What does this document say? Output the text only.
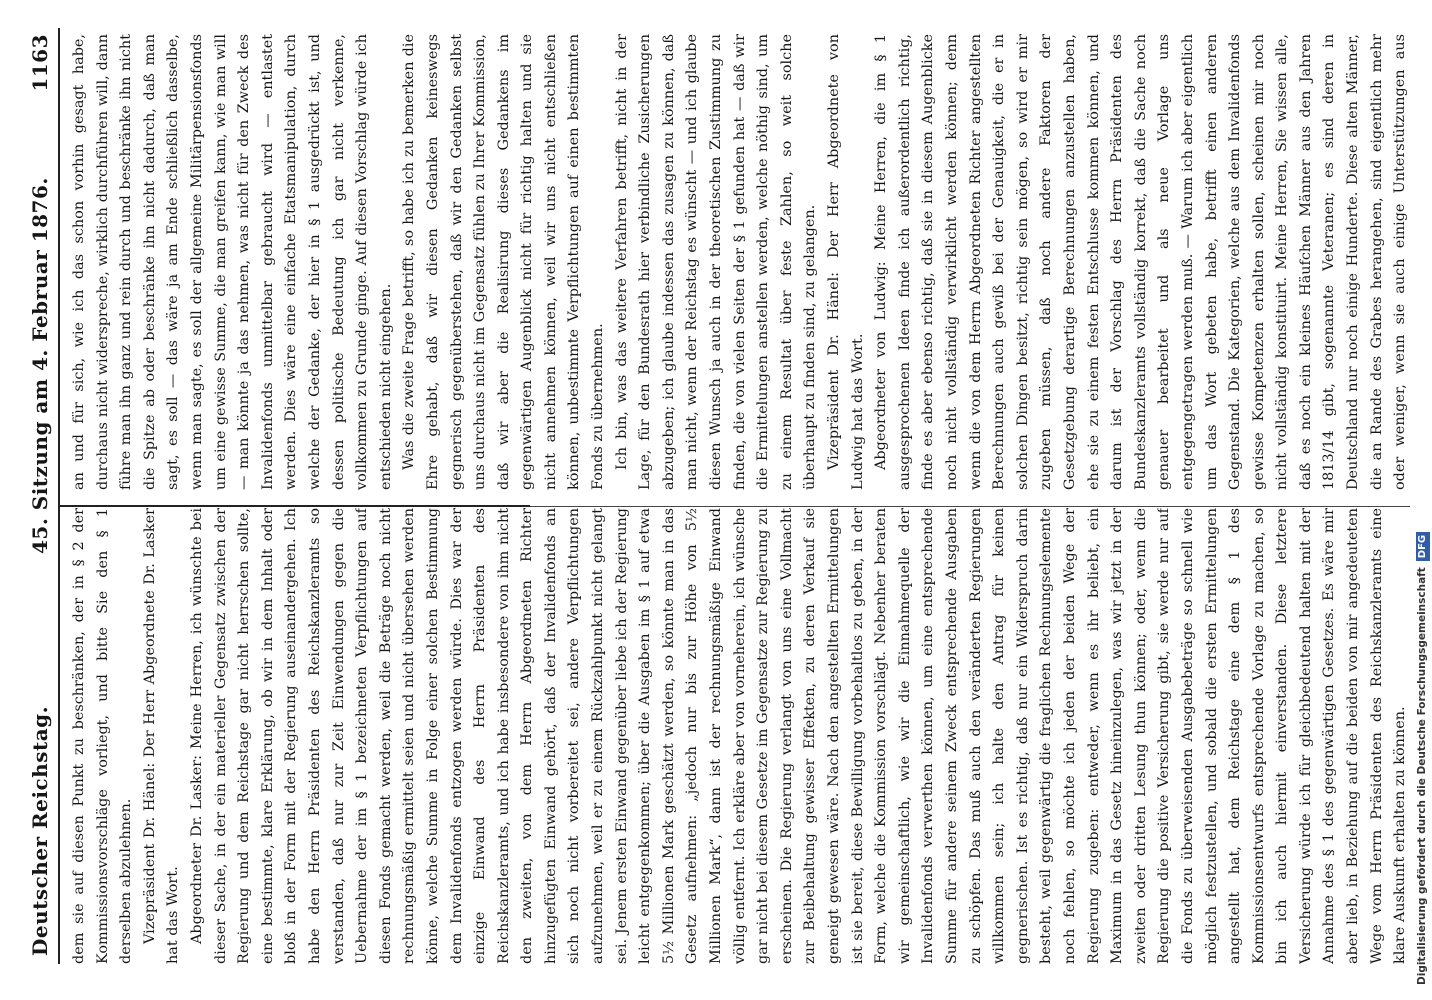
Deutscher Reichstag.
45. Sitzung am 4. Februar 1876.
1163

dem sie auf diesen Punkt zu beschränken, der in § 2 der Kommissionsvorschläge vorliegt, und bitte Sie den § 1 derselben abzulehnen. Vizepräsident Dr. Hänel: Der Herr Abgeordnete Dr. Lasker hat das Wort. Abgeordneter Dr. Lasker: Meine Herren, ich wünschte bei dieser Sache, in der ein materieller Gegensatz zwischen der Regierung und dem Reichstage gar nicht herrschen sollte, eine bestimmte, klare Erklärung, ob wir in dem Inhalt oder bloß in der Form mit der Regierung auseinandergehen. Ich habe den Herrn Präsidenten des Reichskanzleramts so verstanden, daß nur zur Zeit Einwendungen gegen die Uebernahme der im § 1 bezeichneten Verpflichtungen auf diesen Fonds gemacht werden, weil die Beträge noch nicht rechnungsmäßig ermittelt seien und nicht übersehen werden könne, welche Summe in Folge einer solchen Bestimmung dem Invalidenfonds entzogen werden würde. Dies war der einzige Einwand des Herrn Präsidenten des Reichskanzleramts, und ich habe insbesondere von ihm nicht den zweiten, von dem Herrn Abgeordneten Richter hinzugefügten Einwand gehört, daß der Invalidenfonds an sich noch nicht vorbereitet sei, andere Verpflichtungen aufzunehmen, weil er zu einem Rückzahlpunkt nicht gelangt sei. Jenem ersten Einwand gegenüber liebe ich der Regierung leicht entgegenkommen; über die Ausgaben im § 1 auf etwa 5½ Millionen Mark geschätzt werden, so könnte man in das Gesetz aufnehmen: „jedoch nur bis zur Höhe von 5½ Millionen Mark“, dann ist der rechnungsmäßige Einwand völlig entfernt. Ich erkläre aber von vorneherein, ich wünsche gar nicht bei diesem Gesetze im Gegensatze zur Regierung zu erscheinen. Die Regierung verlangt von uns eine Vollmacht zur Beibehaltung gewisser Effekten, zu deren Verkauf sie geneigt gewesen wäre. Nach den angestellten Ermittelungen ist sie bereit, diese Bewilligung vorbehaltlos zu geben, in der Form, welche die Kommission vorschlägt. Nebenher beraten wir gemeinschaftlich, wie wir die Einnahmequelle der Invalidenfonds verwerthen können, um eine entsprechende Summe für andere seinem Zweck entsprechende Ausgaben zu schöpfen. Das muß auch den veränderten Regierungen willkommen sein; ich halte den Antrag für keinen gegnerischen. Ist es richtig, daß nur ein Widerspruch darin besteht, weil gegenwärtig die fraglichen Rechnungselemente noch fehlen, so möchte ich jeden der beiden Wege der Regierung zugeben: entweder, wenn es ihr beliebt, ein Maximum in das Gesetz hineinzulegen, was wir jetzt in der zweiten oder dritten Lesung thun können; oder, wenn die Regierung die positive Versicherung gibt, sie werde nur auf die Fonds zu überweisenden Ausgabebeträge so schnell wie möglich festzustellen, und sobald die ersten Ermittelungen angestellt hat, dem Reichstage eine dem § 1 des Kommissionsentwurfs entsprechende Vorlage zu machen, so bin ich auch hiermit einverstanden. Diese letztere Versicherung würde ich für gleichbedeutend halten mit der Annahme des § 1 des gegenwärtigen Gesetzes. Es wäre mir aber lieb, in Beziehung auf die beiden von mir angedeuteten Wege vom Herrn Präsidenten des Reichskanzleramts eine klare Auskunft erhalten zu können.

an und für sich, wie ich das schon vorhin gesagt habe, durchaus nicht widerspreche, wirklich durchführen will, dann führe man ihn ganz und rein durch und beschränke ihn nicht die Spitze ab oder beschränke ihn nicht dadurch, daß man sagt, es soll — das wäre ja am Ende schließlich dasselbe, wenn man sagte, es soll der allgemeine Militärpensionsfonds um eine gewisse Summe, die man greifen kann, wie man will — man könnte ja das nehmen, was nicht für den Zweck des Invalidenfonds unmittelbar gebraucht wird — entlastet werden. Dies wäre eine einfache Etatsmanipulation, durch welche der Gedanke, der hier in § 1 ausgedrückt ist, und dessen politische Bedeutung ich gar nicht verkenne, vollkommen zu Grunde ginge. Auf diesen Vorschlag würde ich entschieden nicht eingehen. Was die zweite Frage betrifft, so habe ich zu bemerken die Ehre gehabt, daß wir diesen Gedanken keineswegs gegnerisch gegenüberstehen, daß wir den Gedanken selbst uns durchaus nicht im Gegensatz fühlen zu Ihrer Kommission, daß wir aber die Realisirung dieses Gedankens im gegenwärtigen Augenblick nicht für richtig halten und sie nicht annehmen können, weil wir uns nicht entschließen können, unbestimmte Verpflichtungen auf einen bestimmten Fonds zu übernehmen. Ich bin, was das weitere Verfahren betrifft, nicht in der Lage, für den Bundesrath hier verbindliche Zusicherungen abzugeben; ich glaube indessen das zusagen zu können, daß man nicht, wenn der Reichstag es wünscht — und ich glaube diesen Wunsch ja auch in der theoretischen Zustimmung zu finden, die von vielen Seiten der § 1 gefunden hat — daß wir die Ermittelungen anstellen werden, welche nöthig sind, um zu einem Resultat über feste Zahlen, so weit solche überhaupt zu finden sind, zu gelangen. Vizepräsident Dr. Hänel: Der Herr Abgeordnete von Ludwig hat das Wort. Abgeordneter von Ludwig: Meine Herren, die im § 1 ausgesprochenen Ideen finde ich außerordentlich richtig, finde es aber ebenso richtig, daß sie in diesem Augenblicke noch nicht vollständig verwirklicht werden können; denn wenn die von dem Herrn Abgeordneten Richter angestellten Berechnungen auch gewiß bei der Genauigkeit, die er in solchen Dingen besitzt, richtig sein mögen, so wird er mir zugeben müssen, daß noch andere Faktoren der Gesetzgebung derartige Berechnungen anzustellen haben, ehe sie zu einem festen Entschlusse kommen können, und darum ist der Vorschlag des Herrn Präsidenten des Bundeskanzleramts vollständig korrekt, daß die Sache noch genauer bearbeitet und als neue Vorlage uns entgegengetragen werden muß. — Warum ich aber eigentlich um das Wort gebeten habe, betrifft einen anderen Gegenstand. Die Kategorien, welche aus dem Invalidenfonds gewisse Kompetenzen erhalten sollen, scheinen mir noch nicht vollständig konstituirt. Meine Herren, Sie wissen alle, daß es noch ein kleines Häufchen Männer aus den Jahren 1813/14 gibt, sogenannte Veteranen; es sind deren in Deutschland nur noch einige Hunderte. Diese alten Männer, die an Rande des Grabes herangehen, sind eigentlich mehr oder weniger, wenn sie auch einige Unterstützungen aus

Digitalisierung gefördert durch die Deutsche ForschungsgemeinschaftDFG
